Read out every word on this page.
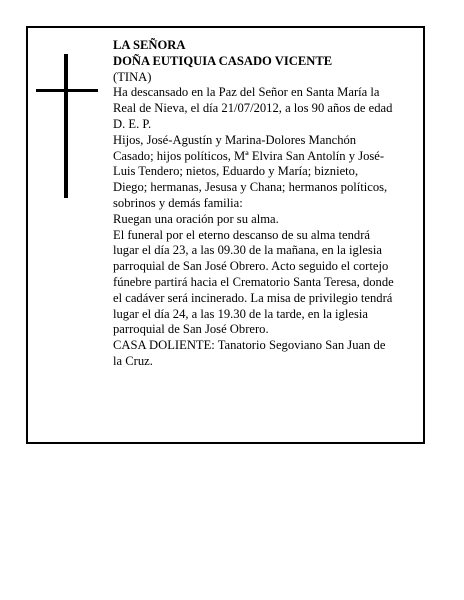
LA SEÑORA
DOÑA EUTIQUIA CASADO VICENTE
(TINA)
Ha descansado en la Paz del Señor en Santa María la
Real de Nieva, el día 21/07/2012, a los 90 años de edad
D. E. P.
Hijos, José-Agustín y Marina-Dolores Manchón
Casado; hijos políticos, Mª Elvira San Antolín y José-
Luis Tendero; nietos, Eduardo y María; biznieto,
Diego; hermanas, Jesusa y Chana; hermanos políticos,
sobrinos y demás familia:
Ruegan una oración por su alma.
El funeral por el eterno descanso de su alma tendrá
lugar el día 23, a las 09.30 de la mañana, en la iglesia
parroquial de San José Obrero. Acto seguido el cortejo
fúnebre partirá hacia el Crematorio Santa Teresa, donde
el cadáver será incinerado. La misa de privilegio tendrá
lugar el día 24, a las 19.30 de la tarde, en la iglesia
parroquial de San José Obrero.
CASA DOLIENTE: Tanatorio Segoviano San Juan de
la Cruz.
